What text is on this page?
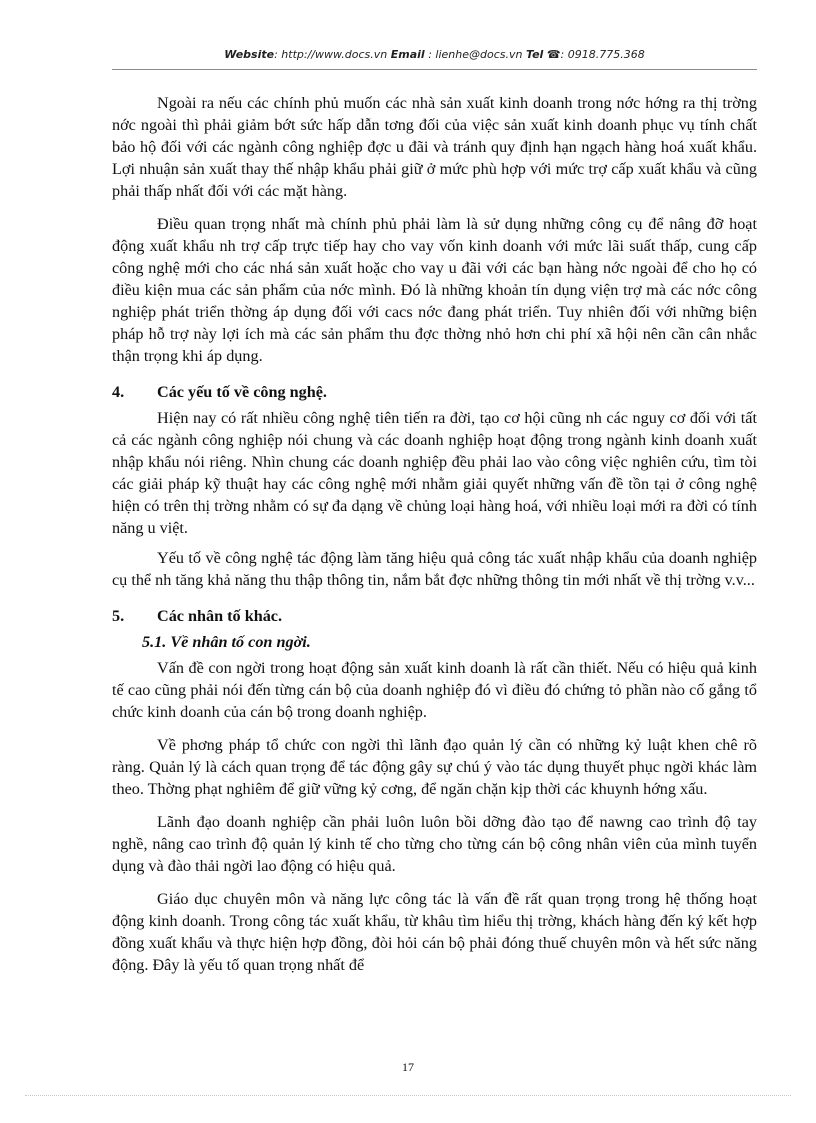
Website: http://www.docs.vn Email : lienhe@docs.vn Tel ☎: 0918.775.368

Ngoài ra nếu các chính phủ muốn các nhà sản xuất kinh doanh trong nớc hớng ra thị trờng nớc ngoài thì phải giảm bớt sức hấp dẫn tơng đối của việc sản xuất kinh doanh phục vụ tính chất bảo hộ đối với các ngành công nghiệp đợc u đãi và tránh quy định hạn ngạch hàng hoá xuất khẩu. Lợi nhuận sản xuất thay thế nhập khẩu phải giữ ở mức phù hợp với mức trợ cấp xuất khẩu và cũng phải thấp nhất đối với các mặt hàng.

Điều quan trọng nhất mà chính phủ phải làm là sử dụng những công cụ để nâng đỡ hoạt động xuất khẩu nh trợ cấp trực tiếp hay cho vay vốn kinh doanh với mức lãi suất thấp, cung cấp công nghệ mới cho các nhá sản xuất hoặc cho vay u đãi với các bạn hàng nớc ngoài để cho họ có điều kiện mua các sản phẩm của nớc mình. Đó là những khoản tín dụng viện trợ mà các nớc công nghiệp phát triển thờng áp dụng đối với cacs nớc đang phát triển. Tuy nhiên đối với những biện pháp hỗ trợ này lợi ích mà các sản phẩm thu đợc thờng nhỏ hơn chi phí xã hội nên cần cân nhắc thận trọng khi áp dụng.

4.	Các yếu tố về công nghệ.

Hiện nay có rất nhiều công nghệ tiên tiến ra đời, tạo cơ hội cũng nh các nguy cơ đối với tất cả các ngành công nghiệp nói chung và các doanh nghiệp hoạt động trong ngành kinh doanh xuất nhập khẩu nói riêng. Nhìn chung các doanh nghiệp đều phải lao vào công việc nghiên cứu, tìm tòi các giải pháp kỹ thuật hay các công nghệ mới nhằm giải quyết những vấn đề tồn tại ở công nghệ hiện có trên thị trờng nhằm có sự đa dạng về chủng loại hàng hoá, với nhiều loại mới ra đời có tính năng u việt.

Yếu tố về công nghệ tác động làm tăng hiệu quả công tác xuất nhập khẩu của doanh nghiệp cụ thể nh tăng khả năng thu thập thông tin, nắm bắt đợc những thông tin mới nhất về thị trờng v.v...

5.	Các nhân tố khác.
5.1. Về nhân tố con ngời.

Vấn đề con ngời trong hoạt động sản xuất kinh doanh là rất cần thiết. Nếu có hiệu quả kinh tế cao cũng phải nói đến từng cán bộ của doanh nghiệp đó vì điều đó chứng tỏ phần nào cố gắng tổ chức kinh doanh của cán bộ trong doanh nghiệp.

Về phơng pháp tổ chức con ngời thì lãnh đạo quản lý cần có những kỷ luật khen chê rõ ràng. Quản lý là cách quan trọng để tác động gây sự chú ý vào tác dụng thuyết phục ngời khác làm theo. Thờng phạt nghiêm để giữ vững kỷ cơng, để ngăn chặn kịp thời các khuynh hớng xấu.

Lãnh đạo doanh nghiệp cần phải luôn luôn bồi dỡng đào tạo để nawng cao trình độ tay nghề, nâng cao trình độ quản lý kinh tế cho từng cho từng cán bộ công nhân viên của mình tuyển dụng và đào thải ngời lao động có hiệu quả.

Giáo dục chuyên môn và năng lực công tác là vấn đề rất quan trọng trong hệ thống hoạt động kinh doanh. Trong công tác xuất khẩu, từ khâu tìm hiểu thị trờng, khách hàng đến ký kết hợp đồng xuất khẩu và thực hiện hợp đồng, đòi hỏi cán bộ phải đóng thuế chuyên môn và hết sức năng động. Đây là yếu tố quan trọng nhất để

17
